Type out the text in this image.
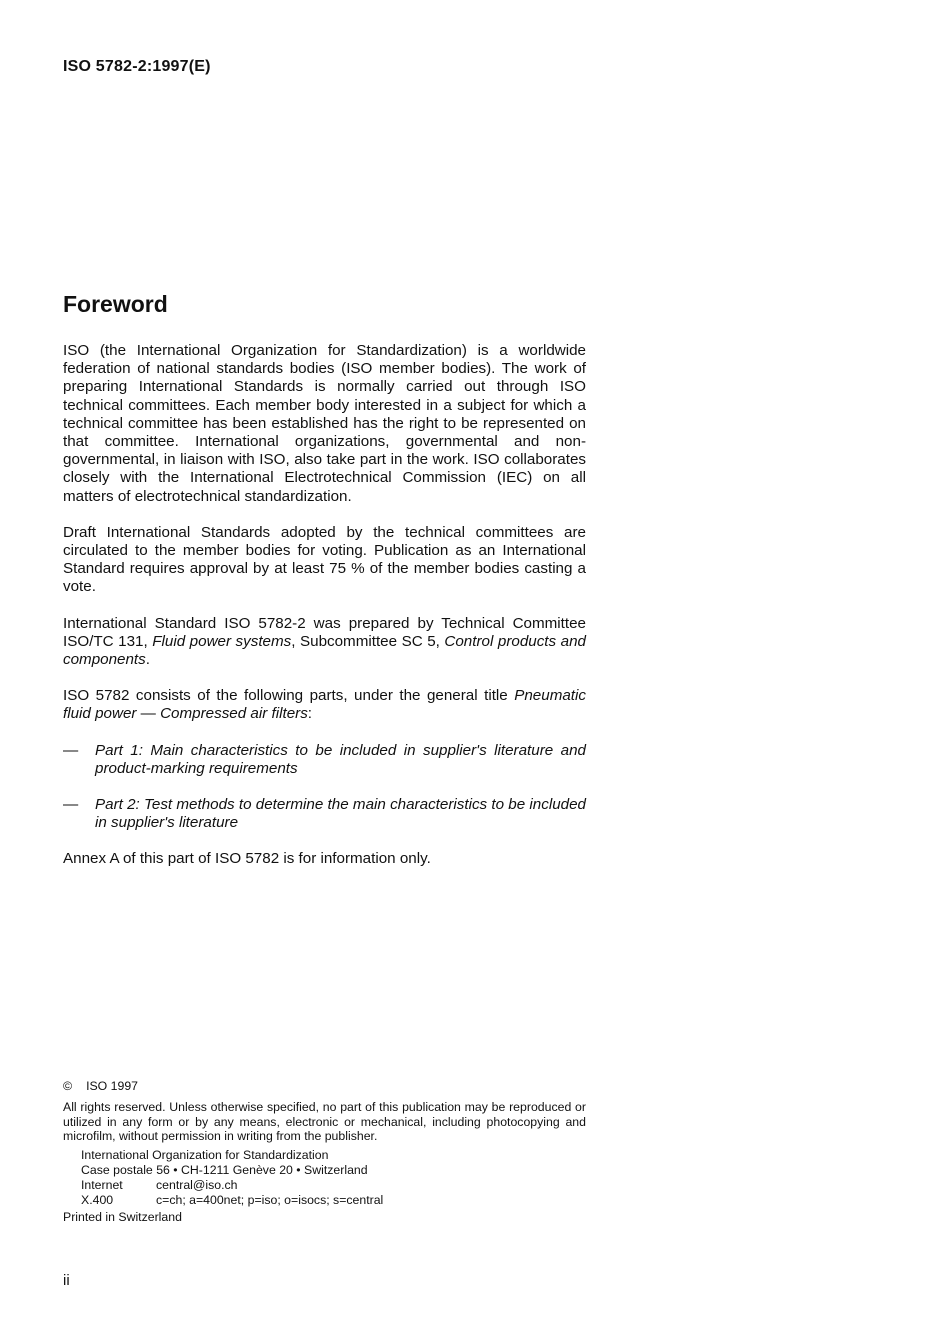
ISO 5782-2:1997(E)
Foreword

ISO (the International Organization for Standardization) is a worldwide federation of national standards bodies (ISO member bodies). The work of preparing International Standards is normally carried out through ISO technical committees. Each member body interested in a subject for which a technical committee has been established has the right to be represented on that committee. International organizations, governmental and non-governmental, in liaison with ISO, also take part in the work. ISO collaborates closely with the International Electrotechnical Commission (IEC) on all matters of electrotechnical standardization.

Draft International Standards adopted by the technical committees are circulated to the member bodies for voting. Publication as an International Standard requires approval by at least 75 % of the member bodies casting a vote.

International Standard ISO 5782-2 was prepared by Technical Committee ISO/TC 131, Fluid power systems, Subcommittee SC 5, Control products and components.

ISO 5782 consists of the following parts, under the general title Pneumatic fluid power — Compressed air filters:

—	Part 1: Main characteristics to be included in supplier's literature and product-marking requirements
—	Part 2: Test methods to determine the main characteristics to be included in supplier's literature

Annex A of this part of ISO 5782 is for information only.

© ISO 1997
All rights reserved. Unless otherwise specified, no part of this publication may be reproduced or utilized in any form or by any means, electronic or mechanical, including photocopying and microfilm, without permission in writing from the publisher.
International Organization for Standardization
Case postale 56 • CH-1211 Genève 20 • Switzerland
Internet	central@iso.ch
X.400	c=ch; a=400net; p=iso; o=isocs; s=central
Printed in Switzerland
ii
